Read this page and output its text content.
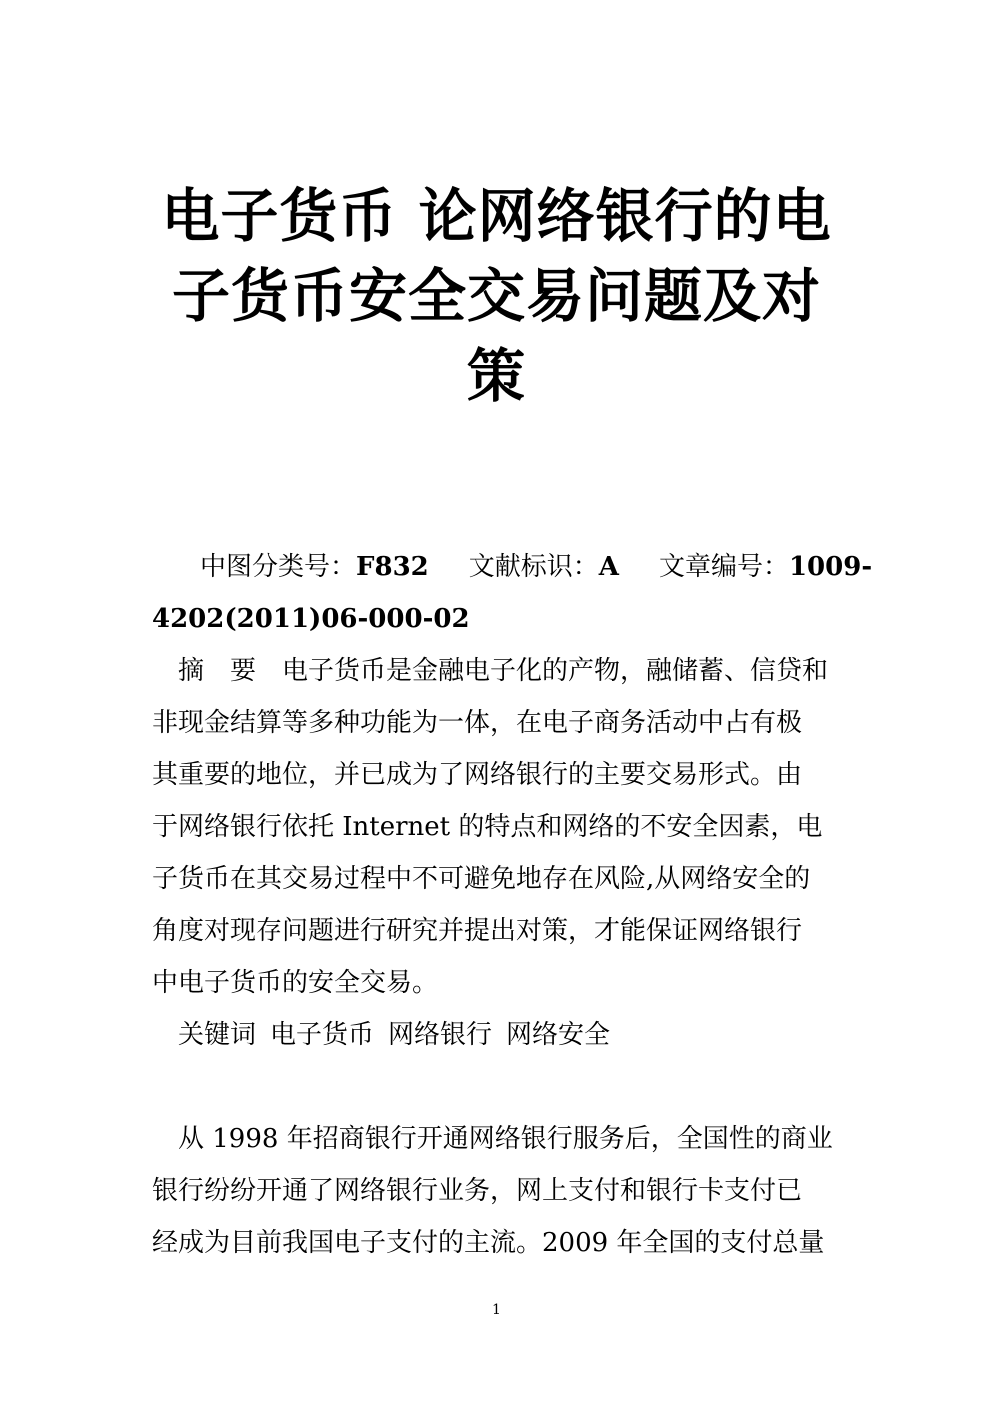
电子货币 论网络银行的电
子货币安全交易问题及对
策
中图分类号：F832 文献标识：A 文章编号：1009-
4202(2011)06-000-02
摘 要 电子货币是金融电子化的产物，融储蓄、信贷和
非现金结算等多种功能为一体，在电子商务活动中占有极
其重要的地位，并已成为了网络银行的主要交易形式。由
于网络银行依托 Internet 的特点和网络的不安全因素，电
子货币在其交易过程中不可避免地存在风险,从网络安全的
角度对现存问题进行研究并提出对策，才能保证网络银行
中电子货币的安全交易。
关键词 电子货币 网络银行 网络安全
从 1998 年招商银行开通网络银行服务后，全国性的商业
银行纷纷开通了网络银行业务，网上支付和银行卡支付已
经成为目前我国电子支付的主流。2009 年全国的支付总量
1
